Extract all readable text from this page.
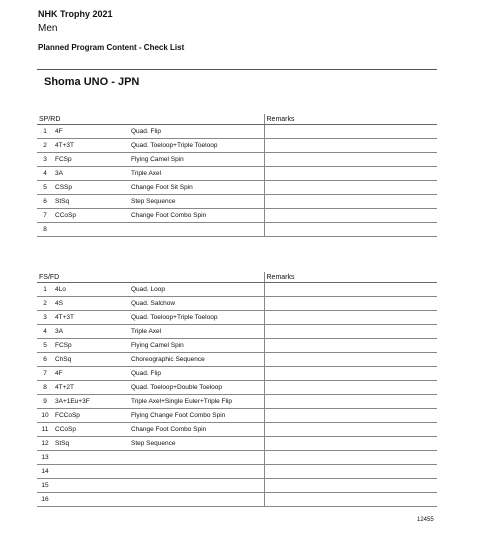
NHK Trophy 2021
Men
Planned Program Content - Check List
Shoma UNO - JPN
SP/RD			Remarks
1	4F	Quad. Flip	
2	4T+3T	Quad. Toeloop+Triple Toeloop	
3	FCSp	Flying Camel Spin	
4	3A	Triple Axel	
5	CSSp	Change Foot Sit Spin	
6	StSq	Step Sequence	
7	CCoSp	Change Foot Combo Spin	
8			
FS/FD			Remarks
1	4Lo	Quad. Loop	
2	4S	Quad. Salchow	
3	4T+3T	Quad. Toeloop+Triple Toeloop	
4	3A	Triple Axel	
5	FCSp	Flying Camel Spin	
6	ChSq	Choreographic Sequence	
7	4F	Quad. Flip	
8	4T+2T	Quad. Toeloop+Double Toeloop	
9	3A+1Eu+3F	Triple Axel+Single Euler+Triple Flip	
10	FCCoSp	Flying Change Foot Combo Spin	
11	CCoSp	Change Foot Combo Spin	
12	StSq	Step Sequence	
13			
14			
15			
16			
12455
